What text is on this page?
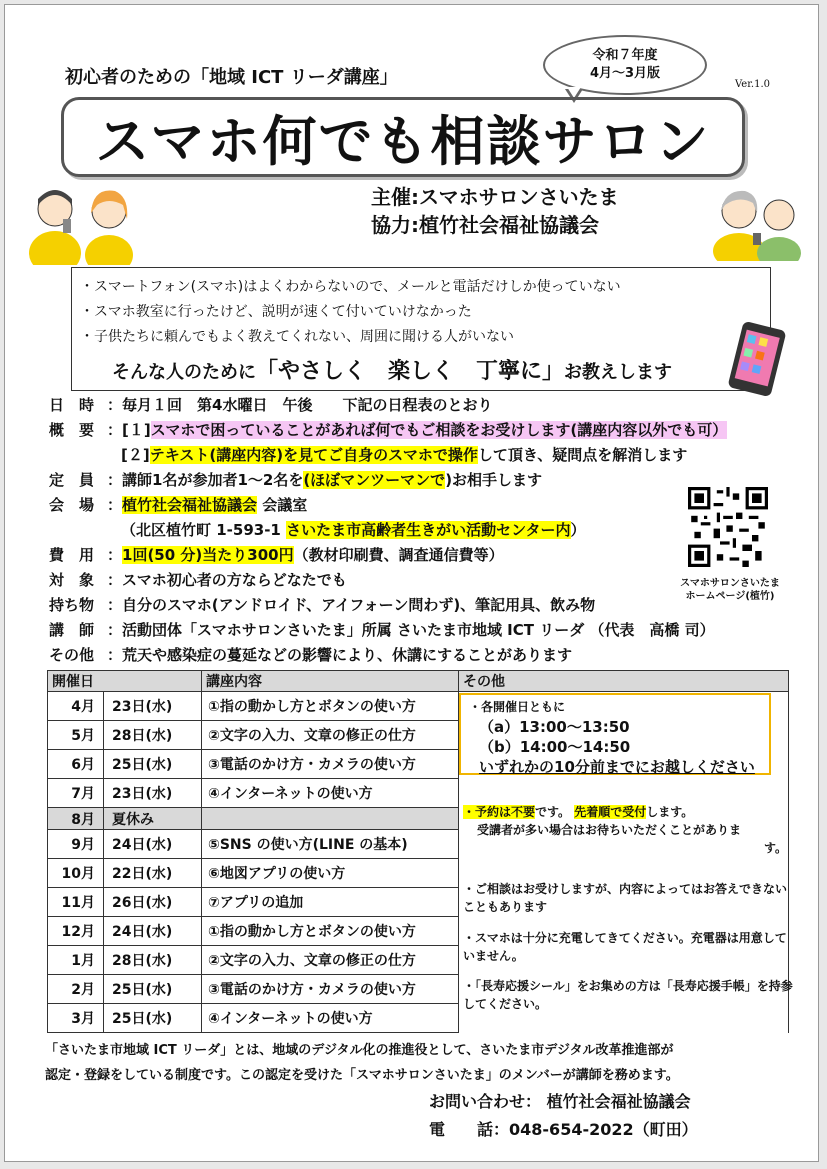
初心者のための「地域 ICT リーダ講座」
令和７年度
4月～3月版
Ver.1.0
スマホ何でも相談サロン
主催:スマホサロンさいたま
協力:植竹社会福祉協議会
・スマートフォン(スマホ)はよくわからないので、メールと電話だけしか使っていない
・スマホ教室に行ったけど、説明が速くて付いていけなかった
・子供たちに頼んでもよく教えてくれない、周囲に聞ける人がいない
そんな人のために「やさしく　楽しく　丁寧に」お教えします
日　時 ：毎月１回　第4水曜日　午後　　下記の日程表のとおり
概　要 ：[１]スマホで困っていることがあれば何でもご相談をお受けします(講座内容以外でも可）
[２]テキスト(講座内容)を見てご自身のスマホで操作して頂き、疑問点を解消します
定　員 ：講師1名が参加者1～2名を(ほぼマンツーマンで)お相手します
会　場 ：植竹社会福祉協議会 会議室
（北区植竹町 1-593-1 さいたま市高齢者生きがい活動センター内）
費　用 ：1回(50 分)当たり300円（教材印刷費、調査通信費等）
対　象 ：スマホ初心者の方ならどなたでも
持ち物 ：自分のスマホ(アンドロイド、アイフォーン問わず)、筆記用具、飲み物
講　師 ：活動団体「スマホサロンさいたま」所属 さいたま市地域 ICT リーダ （代表　高橋 司）
その他 ：荒天や感染症の蔓延などの影響により、休講にすることがあります
スマホサロンさいたま
ホームページ(植竹)
開催日		講座内容	その他
4月	23日(水)	①指の動かし方とボタンの使い方	
5月	28日(水)	②文字の入力、文章の修正の仕方	
6月	25日(水)	③電話のかけ方・カメラの使い方	
7月	23日(水)	④インターネットの使い方	
8月	夏休み		
9月	24日(水)	⑤SNS の使い方(LINE の基本)	
10月	22日(水)	⑥地図アプリの使い方	
11月	26日(水)	⑦アプリの追加	
12月	24日(水)	①指の動かし方とボタンの使い方	
1月	28日(水)	②文字の入力、文章の修正の仕方	
2月	25日(水)	③電話のかけ方・カメラの使い方	
3月	25日(水)	④インターネットの使い方	
・各開催日ともに
（a）13:00～13:50
（b）14:00～14:50
いずれかの10分前までにお越しください
・予約は不要です。 先着順で受付します。
受講者が多い場合はお待ちいただくことがありま
す。
・ご相談はお受けしますが、内容によってはお答えできないこともあります
・スマホは十分に充電してきてください。充電器は用意していません。
・「長寿応援シール」をお集めの方は「長寿応援手帳」を持参してください。
「さいたま市地域 ICT リーダ」とは、地域のデジタル化の推進役として、さいたま市デジタル改革推進部が
認定・登録をしている制度です。この認定を受けた「スマホサロンさいたま」のメンバーが講師を務めます。
お問い合わせ： 植竹社会福祉協議会
電　　話：048-654-2022（町田）
